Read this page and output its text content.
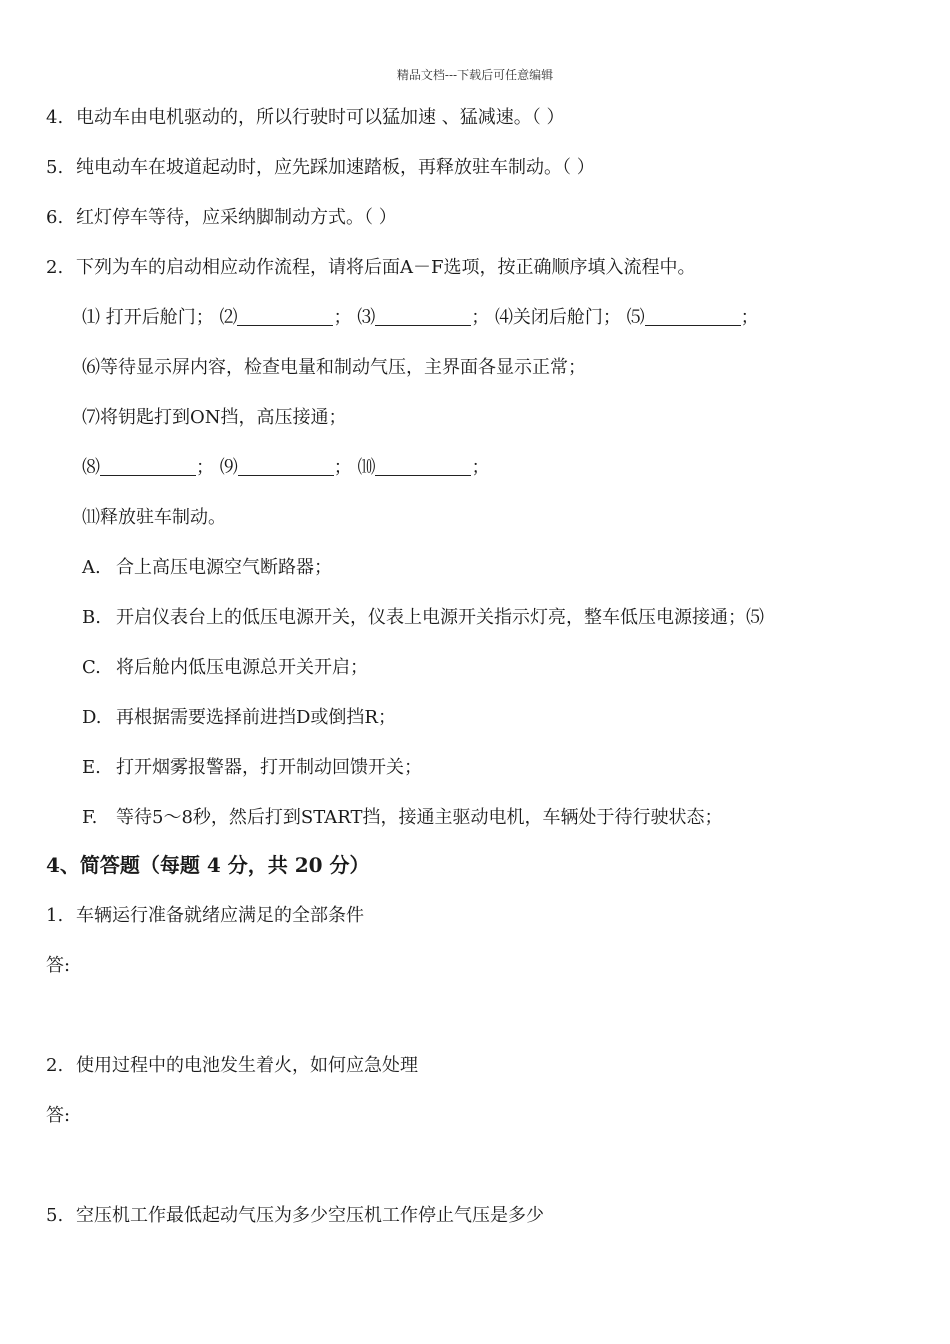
精品文档---下载后可任意编辑
4. 电动车由电机驱动的，所以行驶时可以猛加速 、猛减速。（ ）
5. 纯电动车在坡道起动时，应先踩加速踏板，再释放驻车制动。（ ）
6. 红灯停车等待，应采纳脚制动方式。（ ）
2. 下列为车的启动相应动作流程，请将后面A－F选项，按正确顺序填入流程中。
⑴ 打开后舱门； ⑵	； ⑶	； ⑷关闭后舱门； ⑸	；
⑹等待显示屏内容，检查电量和制动气压，主界面各显示正常；
⑺将钥匙打到ON挡，高压接通；
⑻	； ⑼	； ⑽	；
⑾释放驻车制动。
A. 合上高压电源空气断路器；
B. 开启仪表台上的低压电源开关，仪表上电源开关指示灯亮，整车低压电源接通；⑸
C. 将后舱内低压电源总开关开启；
D. 再根据需要选择前进挡D或倒挡R；
E. 打开烟雾报警器，打开制动回馈开关；
F. 等待5～8秒，然后打到START挡，接通主驱动电机，车辆处于待行驶状态；
4、简答题（每题 4 分，共 20 分）
1. 车辆运行准备就绪应满足的全部条件
答:
2. 使用过程中的电池发生着火，如何应急处理
答:
5. 空压机工作最低起动气压为多少空压机工作停止气压是多少
